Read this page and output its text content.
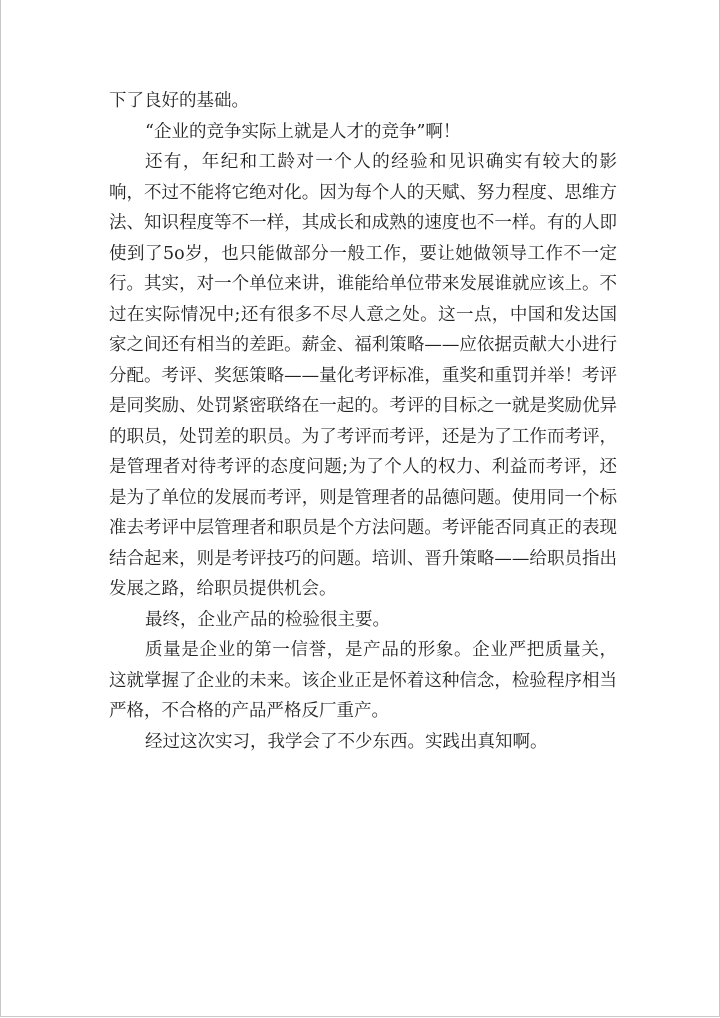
下了良好的基础。

“企业的竞争实际上就是人才的竞争”啊！

还有，年纪和工龄对一个人的经验和见识确实有较大的影响，不过不能将它绝对化。因为每个人的天赋、努力程度、思维方法、知识程度等不一样，其成长和成熟的速度也不一样。有的人即使到了5o岁，也只能做部分一般工作，要让她做领导工作不一定行。其实，对一个单位来讲，谁能给单位带来发展谁就应该上。不过在实际情况中;还有很多不尽人意之处。这一点，中国和发达国家之间还有相当的差距。薪金、福利策略——应依据贡献大小进行分配。考评、奖惩策略——量化考评标准，重奖和重罚并举！考评是同奖励、处罚紧密联络在一起的。考评的目标之一就是奖励优异的职员，处罚差的职员。为了考评而考评，还是为了工作而考评，是管理者对待考评的态度问题;为了个人的权力、利益而考评，还是为了单位的发展而考评，则是管理者的品德问题。使用同一个标准去考评中层管理者和职员是个方法问题。考评能否同真正的表现结合起来，则是考评技巧的问题。培训、晋升策略——给职员指出发展之路，给职员提供机会。

最终，企业产品的检验很主要。

质量是企业的第一信誉，是产品的形象。企业严把质量关，这就掌握了企业的未来。该企业正是怀着这种信念，检验程序相当严格，不合格的产品严格反厂重产。

经过这次实习，我学会了不少东西。实践出真知啊。
